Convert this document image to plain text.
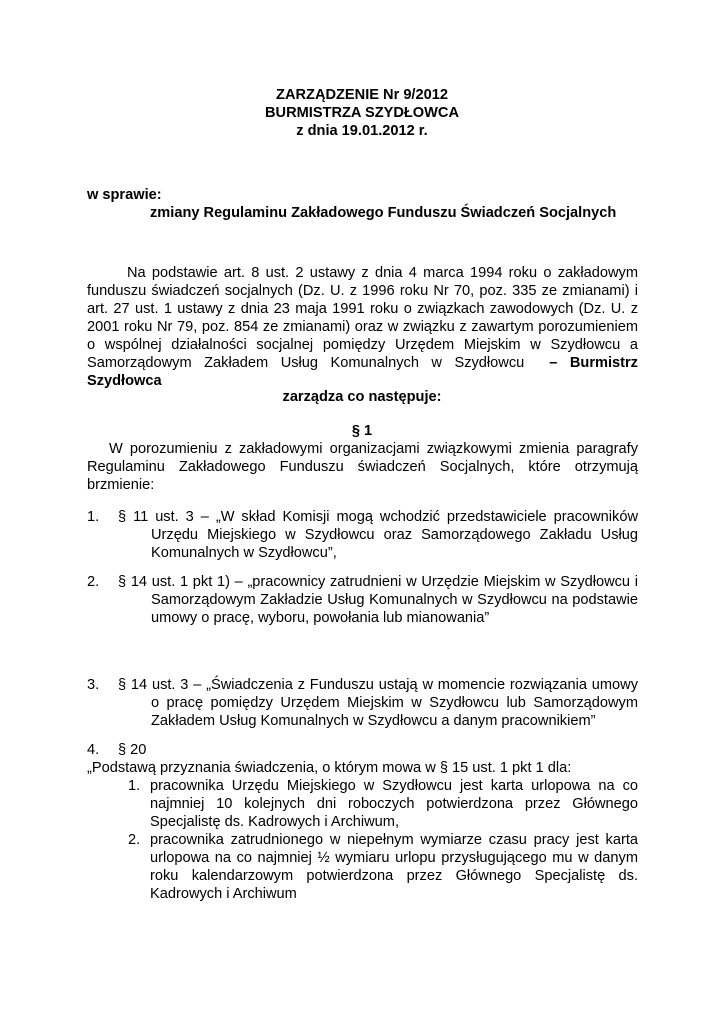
ZARZĄDZENIE Nr 9/2012
BURMISTRZA SZYDŁOWCA
z dnia 19.01.2012 r.
w sprawie:
zmiany Regulaminu Zakładowego Funduszu Świadczeń Socjalnych
Na podstawie art. 8 ust. 2 ustawy z dnia 4 marca 1994 roku o zakładowym funduszu świadczeń socjalnych (Dz. U. z 1996 roku Nr 70, poz. 335 ze zmianami) i art. 27 ust. 1 ustawy z dnia 23 maja 1991 roku o związkach zawodowych (Dz. U. z 2001 roku Nr 79, poz. 854 ze zmianami) oraz w związku z zawartym porozumieniem o wspólnej działalności socjalnej pomiędzy Urzędem Miejskim w Szydłowcu a Samorządowym Zakładem Usług Komunalnych w Szydłowcu – Burmistrz Szydłowca
zarządza co następuje:
§ 1
W porozumieniu z zakładowymi organizacjami związkowymi zmienia paragrafy Regulaminu Zakładowego Funduszu świadczeń Socjalnych, które otrzymują brzmienie:
1. § 11 ust. 3 – „W skład Komisji mogą wchodzić przedstawiciele pracowników Urzędu Miejskiego w Szydłowcu oraz Samorządowego Zakładu Usług Komunalnych w Szydłowcu”,
2. § 14 ust. 1 pkt 1) – „pracownicy zatrudnieni w Urzędzie Miejskim w Szydłowcu i Samorządowym Zakładzie Usług Komunalnych w Szydłowcu na podstawie umowy o pracę, wyboru, powołania lub mianowania”
3. § 14 ust. 3 – „Świadczenia z Funduszu ustają w momencie rozwiązania umowy o pracę pomiędzy Urzędem Miejskim w Szydłowcu lub Samorządowym Zakładem Usług Komunalnych w Szydłowcu a danym pracownikiem”
4. § 20
„Podstawą przyznania świadczenia, o którym mowa w § 15 ust. 1 pkt 1 dla:
1. pracownika Urzędu Miejskiego w Szydłowcu jest karta urlopowa na co najmniej 10 kolejnych dni roboczych potwierdzona przez Głównego Specjalistę ds. Kadrowych i Archiwum,
2. pracownika zatrudnionego w niepełnym wymiarze czasu pracy jest karta urlopowa na co najmniej ½ wymiaru urlopu przysługującego mu w danym roku kalendarzowym potwierdzona przez Głównego Specjalistę ds. Kadrowych i Archiwum
